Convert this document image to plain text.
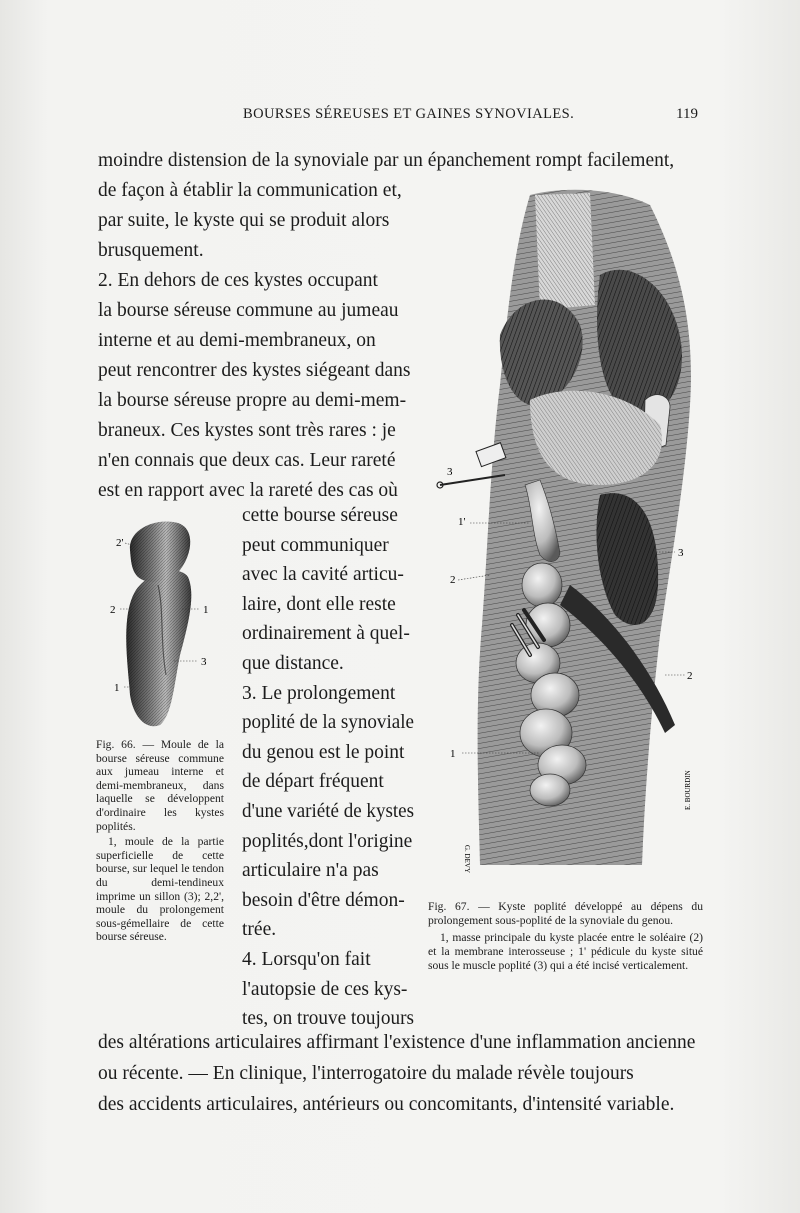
BOURSES SÉREUSES ET GAINES SYNOVIALES.	119
moindre distension de la synoviale par un épanchement rompt facilement,
de façon à établir la communication et,
par suite, le kyste qui se produit alors
brusquement.
2. En dehors de ces kystes occupant
la bourse séreuse commune au jumeau
interne et au demi-membraneux, on
peut rencontrer des kystes siégeant dans
la bourse séreuse propre au demi-mem-
braneux. Ces kystes sont très rares : je
n'en connais que deux cas. Leur rareté
est en rapport avec la rareté des cas où
cette bourse séreuse
peut communiquer
avec la cavité articu-
laire, dont elle reste
ordinairement à quel-
que distance.
3. Le prolongement
poplité de la synoviale
du genou est le point
de départ fréquent
d'une variété de kystes
poplités,dont l'origine
articulaire n'a pas
besoin d'être démon-
trée.
4. Lorsqu'on fait
l'autopsie de ces kys-
tes, on trouve toujours
des altérations articulaires affirmant l'existence d'une inflammation ancienne
ou récente. — En clinique, l'interrogatoire du malade révèle toujours
des accidents articulaires, antérieurs ou concomitants, d'intensité variable.
2'
2	1
1
3
3
1'
3
2
2
1
G. DEVY
E. BOURDIN

Fig. 66. — Moule de la bourse séreuse commune aux jumeau interne et demi-membraneux, dans laquelle se développent d'ordinaire les kystes poplités.

1, moule de la partie superficielle de cette bourse, sur lequel le tendon du demi-tendineux imprime un sillon (3); 2,2', moule du prolongement sous-gémellaire de cette bourse séreuse.

Fig. 67. — Kyste poplité développé au dépens du prolongement sous-poplité de la synoviale du genou.

1, masse principale du kyste placée entre le soléaire (2) et la membrane interosseuse ; 1' pédicule du kyste situé sous le muscle poplité (3) qui a été incisé verticalement.
